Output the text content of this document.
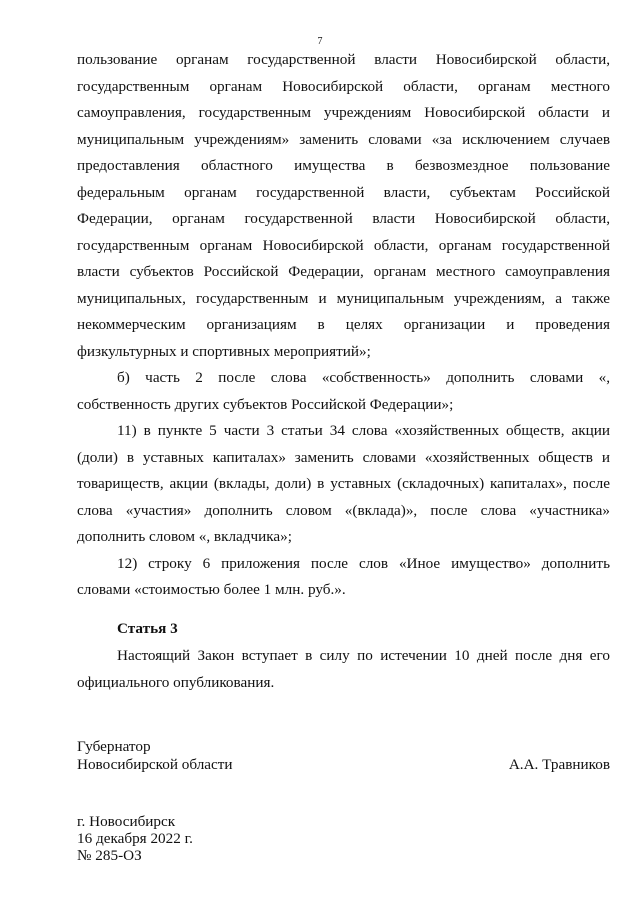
7

пользование органам государственной власти Новосибирской области, государственным органам Новосибирской области, органам местного самоуправления, государственным учреждениям Новосибирской области и муниципальным учреждениям» заменить словами «за исключением случаев предоставления областного имущества в безвозмездное пользование федеральным органам государственной власти, субъектам Российской Федерации, органам государственной власти Новосибирской области, государственным органам Новосибирской области, органам государственной власти субъектов Российской Федерации, органам местного самоуправления муниципальных, государственным и муниципальным учреждениям, а также некоммерческим организациям в целях организации и проведения физкультурных и спортивных мероприятий»;

б) часть 2 после слова «собственность» дополнить словами «, собственность других субъектов Российской Федерации»;

11) в пункте 5 части 3 статьи 34 слова «хозяйственных обществ, акции (доли) в уставных капиталах» заменить словами «хозяйственных обществ и товариществ, акции (вклады, доли) в уставных (складочных) капиталах», после слова «участия» дополнить словом «(вклада)», после слова «участника» дополнить словом «, вкладчика»;

12) строку 6 приложения после слов «Иное имущество» дополнить словами «стоимостью более 1 млн. руб.».

Статья 3

Настоящий Закон вступает в силу по истечении 10 дней после дня его официального опубликования.

Губернатор
Новосибирской области	А.А. Травников
г. Новосибирск
16 декабря 2022 г.
№ 285-ОЗ
